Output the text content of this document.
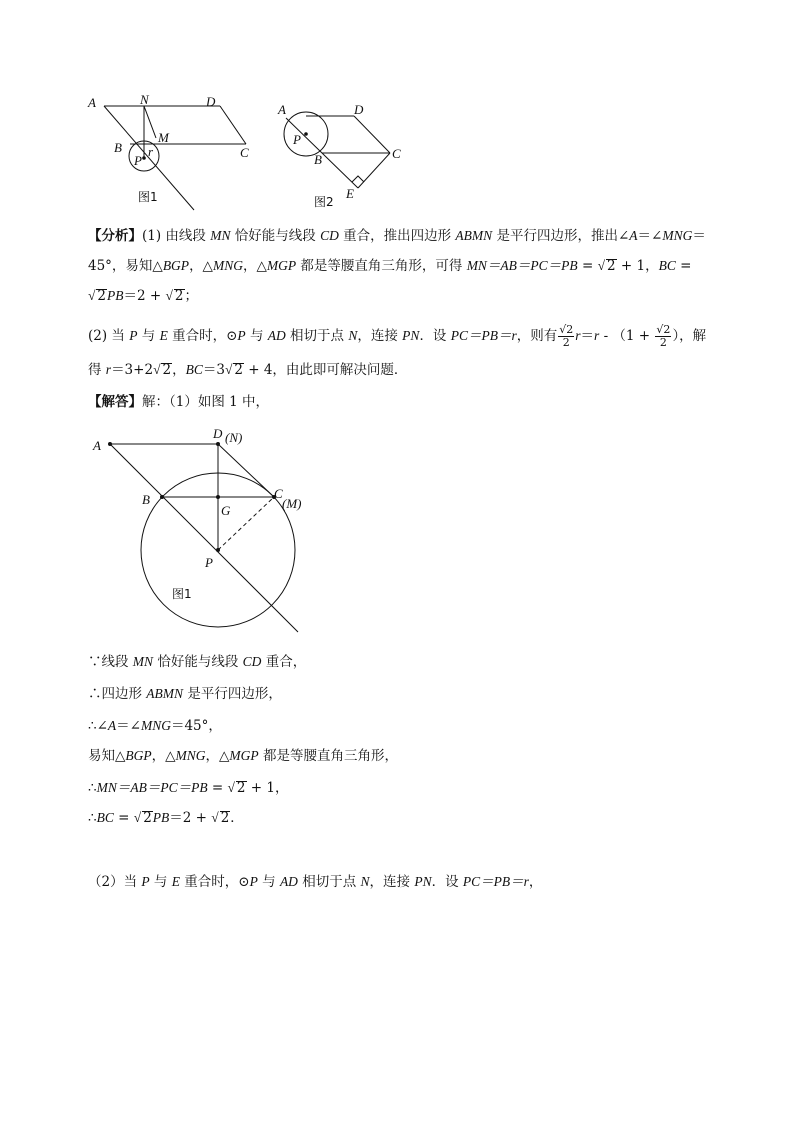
A	N	D
M
B	C
P
r
图1
A	D
P
B	C
E
图2
【分析】(1) 由线段 MN 恰好能与线段 CD 重合，推出四边形 ABMN 是平行四边形，推出∠A＝∠MNG＝
45°，易知△BGP，△MNG，△MGP 都是等腰直角三角形，可得 MN＝AB＝PC＝PB = √ 2 + 1，BC =
√ 2PB＝2 + √ 2；
(2) 当 P 与 E 重合时，⊙P 与 AD 相切于点 N，连接 PN．设 PC＝PB＝r，则有 $\frac{√2}{2} r=r - (1 + \frac{√2}{2}$ ），解
得 r＝3+2√ 2，BC＝3√ 2 + 4，由此即可解决问题．
【解答】解：（1）如图 1 中，
A
D (N)
B	C
(M)
G
P
图1
∵线段 MN 恰好能与线段 CD 重合，
∴四边形 ABMN 是平行四边形，
∴∠A＝∠MNG＝45°，
易知△BGP，△MNG，△MGP 都是等腰直角三角形，
∴MN＝AB＝PC＝PB = √ 2 + 1，
∴BC = √ 2PB＝2 + √ 2．
（2）当 P 与 E 重合时，⊙P 与 AD 相切于点 N，连接 PN．设 PC＝PB＝r，
